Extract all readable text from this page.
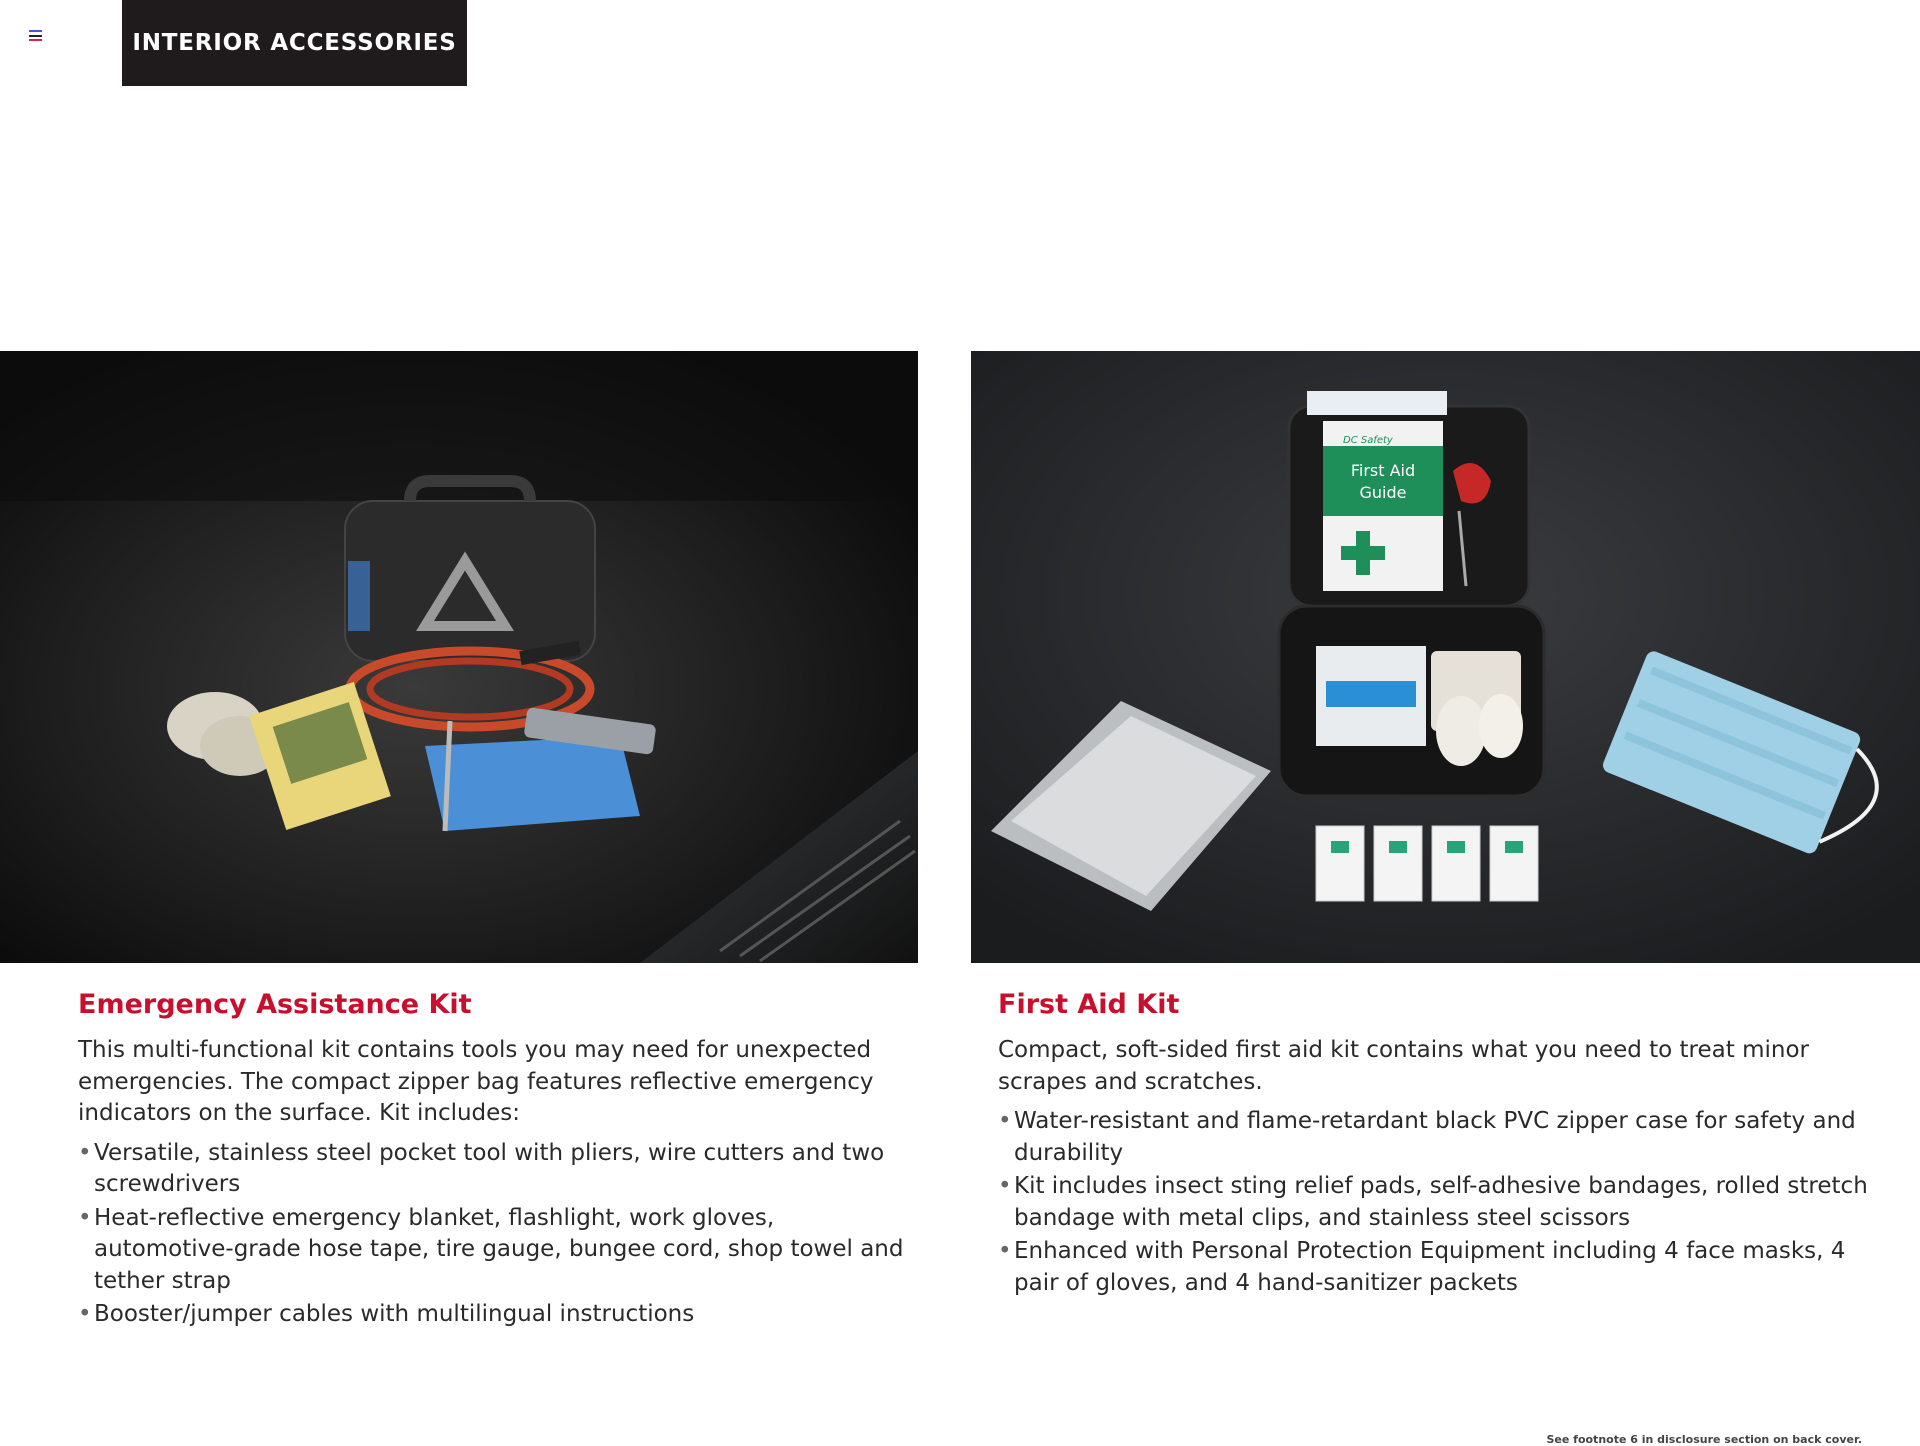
INTERIOR ACCESSORIES
DC Safety
First Aid
Guide
Emergency Assistance Kit

This multi-functional kit contains tools you may need for unexpected emergencies. The compact zipper bag features reflective emergency indicators on the surface. Kit includes:

• Versatile, stainless steel pocket tool with pliers, wire cutters and two screwdrivers
• Heat-reflective emergency blanket, flashlight, work gloves, automotive-grade hose tape, tire gauge, bungee cord, shop towel and tether strap
• Booster/jumper cables with multilingual instructions
First Aid Kit

Compact, soft-sided first aid kit contains what you need to treat minor scrapes and scratches.

• Water-resistant and flame-retardant black PVC zipper case for safety and durability
• Kit includes insect sting relief pads, self-adhesive bandages, rolled stretch bandage with metal clips, and stainless steel scissors
• Enhanced with Personal Protection Equipment including 4 face masks, 4 pair of gloves, and 4 hand-sanitizer packets
See footnote 6 in disclosure section on back cover.
